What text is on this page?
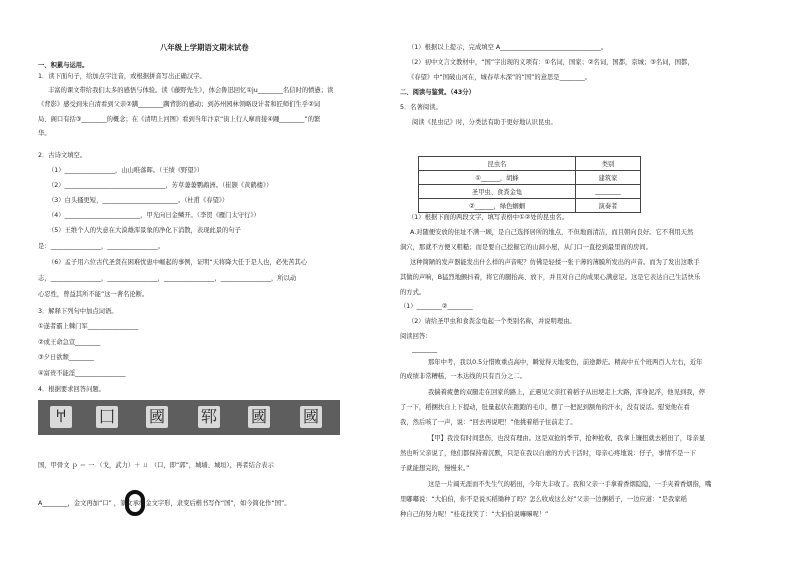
八年级上学期语文期末试卷
一、积累与运用。
1．读下面句子，给加点字注音，或根据拼音写出正确汉字。
丰富的课文带给我们太多的感悟与体验。读《藤野先生》，体会鲁迅回忆①ju________名信时的愤懑；读
《背影》感受到朱自清看到父亲②蹒________蹒背影的感动；到苏州园林领略设计者和匠师们生乎②词
局、阁口有括③________的概念；在《清明上河图》看到当年汴京“街上行人摩肩接④踵________”的繁
华。
2．古诗文填空。
（1）________________，山山唯落晖。（王绩《野望》）
（2）________________________________，芳草萋萋鹦鹉洲。（崔颢《黄鹤楼》）
（3）白头搔更短，________________________。（杜甫《春望》）
（4）________________________，甲光向日金鳞开。（李贺《雁门太守行》）
（5）王维个人的失意在大漠雄浑景象的净化下消散，表现此景的句子
是：________________，________________。
（6）孟子用六位古代圣贤在困难忧患中崛起的事例，证明“天将降大任于是人也，必先苦其心
志，________________，________________，________________，________________，所以动
心忍性，曾益其所不能”这一著名论断。
3．解释下列句中加点词语。
①遂者霸上棘门军________________
②或王命急宣________
③夕日欲颓________
④富贵不能淫________________
4．根据要求回答问题。
𐀀	囗 國 郓 國 國
国，甲骨文 ｐ ＝ 一 （戈，武力）＋ ㄩ （口，即“郭”，城墙、城垣），再者结合表示
A________，金文再加“口” ，篆文承续金文字形，隶变后楷书写作“国”，如今简化作“国”。
（1）根据以上提示，完成填空 A________________________________。
（2）初中文言文教材中，“国”字出现的义项有：①名词，国家；②名词，国都，京城；③名词，国都，
《春望》中“国破山河在，城春草木深”的“国”的意思是________。
二、阅读与鉴赏。（43分）
5．名著阅读。
阅读《昆虫记》时，分类法有助于更好地认识昆虫。
昆虫名	类别
①______，胡蜂	建筑家
圣甲虫、食粪金龟	________
②______，绿色蝈蝈	演奏者
（1）根据下面的两段文字，填写表格中①②处的昆虫名。
A.对随便安放的住址不满一顾，是自己选择居所的地点，不但地面清洁，而且朝向良好。它不利用天然
洞穴，那就不方便又粗糙；而是要自己挖掘它的山洞小屋，从门口一直挖到最里面的房间。
这种简陋的发声器能发出什么样的声音呢？仿佛是轻揉一张干薄的薄膜所发出的声音。而为了发出这歌手
其做的声响，B猛烈地颤抖着，将它的腿抬高、放下，并且对自己的成果心满意足。这是它表达自己生活快乐
的方式。
（1）________②________
（2）请给圣甲虫和食粪金龟起一个类别名称，并说明理由。
阅读回答：
________
那年中考，我以0.5分惜败重点高中，瞬觉得天地变色，前途渺茫。精高中五个班两百人左右，近年
的成绩非常糟糕，一本达线的只有百分之二。
我揣着疲惫的双腿走在回家的路上，正遇见父亲扛着稻子从田埂走上大路，浑身泥浮，他见到我，停
了一下，稻捆扶自上下提动，肚量起伏在跑跑的毛巾，摆了一把泥到额角的汗水，没有说话。慰觉他在看
我，然后咳了一声，说：“回去再说吧！”他挑着稻子往前走了。
【甲】我没有时间悲伤，也没有理由。这是双抢的季节，抢种抢收，我拿上镰扭就去稻田了，母亲显
然也听父亲说了，他们都保持着沉默，只是在我以自虐的方式干活时，母亲心疼地说：仔子，事情不是一下
子就能想完的，慢慢来。”
这是一片阔无涯而不失生气的稻田，今年大丰收了。我和父亲一手拿着香烟隐隐，一手夹着香烟指，嘴
里嘟嘟说：“大伯伯，你不是说买稻锄种了吗？怎么收成这么好”父亲一边捆稻子，一边应道：“是我家稻
种自己的努力呢！”桂花找笑了：“大伯伯说嘛嘛呢！”
